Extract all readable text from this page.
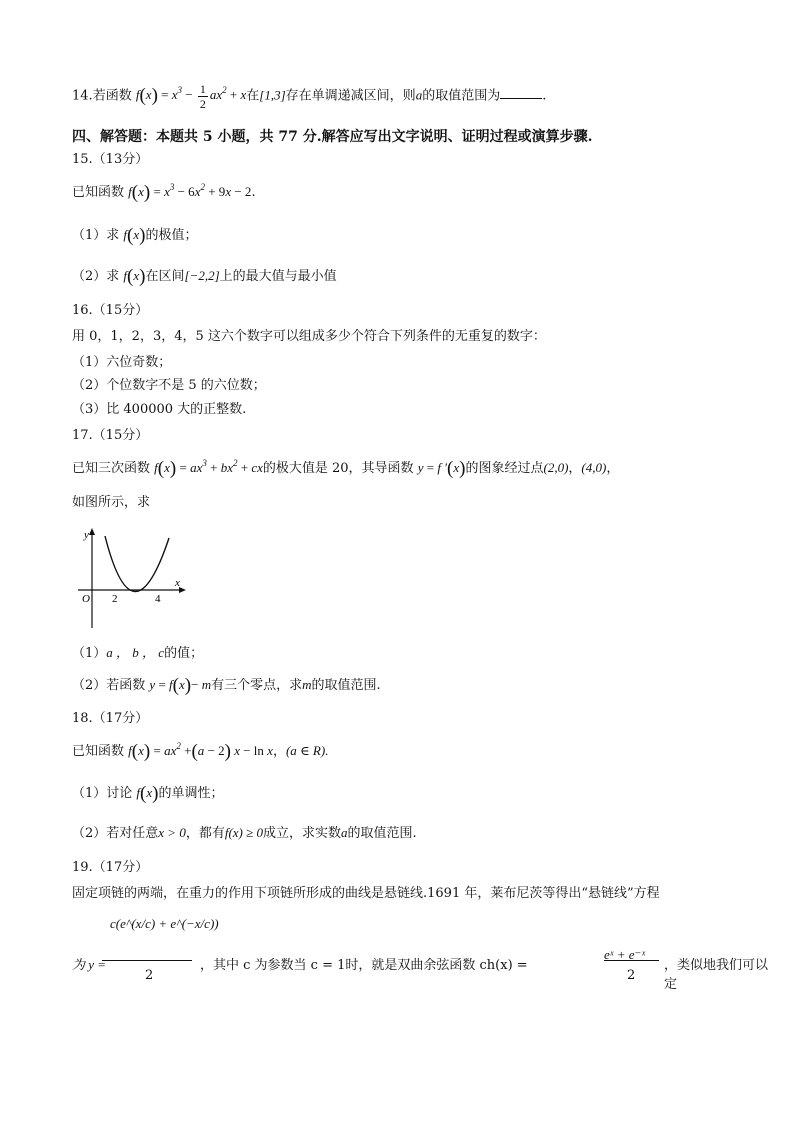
14.若函数 $f(x) = x^3 - \frac{1}{2} ax^2 + x$在[1,3]存在单调递减区间，则a的取值范围为	.
四、解答题：本题共 5 小题，共 77 分.解答应写出文字说明、证明过程或演算步骤.
15.（13分）
已知函数 $f(x) = x^3 - 6x^2 + 9x - 2$.
（1）求 f(x)的极值；
（2）求 f(x)在区间[−2,2]上的最大值与最小值
16.（15分）
用 0，1，2，3，4，5 这六个数字可以组成多少个符合下列条件的无重复的数字：
（1）六位奇数；
（2）个位数字不是 5 的六位数；
（3）比 400000 大的正整数.
17.（15分）
已知三次函数 $f(x) = ax^3 + bx^2$ + cx的极大值是 20，其导函数 y = f ′(x)的图象经过点(2,0)，(4,0)，
如图所示，求
y
x
O 2	4
（1）a ， b ， c的值；
（2）若函数 y = f(x)− m有三个零点，求m的取值范围.
18.（17分）
已知函数 $f(x) = ax^2 +(a - 2) x - \ln x$，(a ∈ R).
（1）讨论 f(x)的单调性；
（2）若对任意x > 0，都有f(x) ≥ 0成立，求实数a的取值范围.
19.（17分）
固定项链的两端，在重力的作用下项链所形成的曲线是悬链线.1691 年，莱布尼茨等得出“悬链线”方程
为 y =
c(e^(x/c) + e^(−x/c))
2
，其中 c 为参数当 c = 1时，就是双曲余弦函数 ch(x) =
eˣ + e⁻ˣ
2
，类似地我们可以定
